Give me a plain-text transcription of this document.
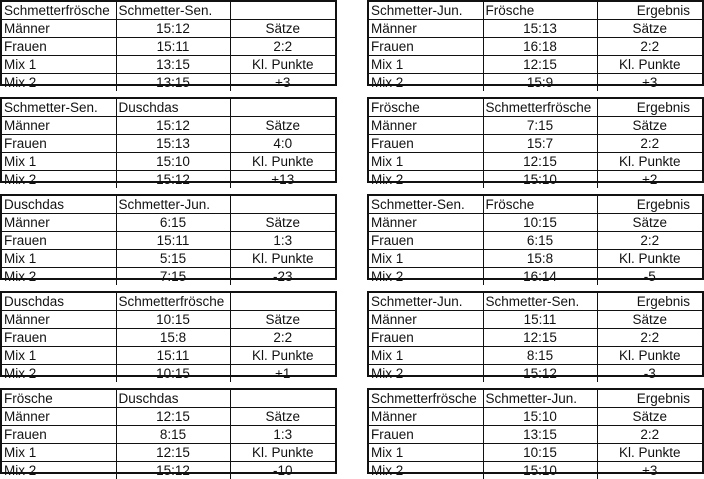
Schmetterfrösche	Schmetter-Sen.	
Männer	15:12	Sätze
Frauen	15:11	2:2
Mix 1	13:15	Kl. Punkte
Mix 2	13:15	+3
Schmetter-Jun.	Frösche	Ergebnis
Männer	15:13	Sätze
Frauen	16:18	2:2
Mix 1	12:15	Kl. Punkte
Mix 2	15:9	+3
Schmetter-Sen.	Duschdas	
Männer	15:12	Sätze
Frauen	15:13	4:0
Mix 1	15:10	Kl. Punkte
Mix 2	15:12	+13
Frösche	Schmetterfrösche	Ergebnis
Männer	7:15	Sätze
Frauen	15:7	2:2
Mix 1	12:15	Kl. Punkte
Mix 2	15:10	+2
Duschdas	Schmetter-Jun.	
Männer	6:15	Sätze
Frauen	15:11	1:3
Mix 1	5:15	Kl. Punkte
Mix 2	7:15	-23
Schmetter-Sen.	Frösche	Ergebnis
Männer	10:15	Sätze
Frauen	6:15	2:2
Mix 1	15:8	Kl. Punkte
Mix 2	16:14	-5
Duschdas	Schmetterfrösche	
Männer	10:15	Sätze
Frauen	15:8	2:2
Mix 1	15:11	Kl. Punkte
Mix 2	10:15	+1
Schmetter-Jun.	Schmetter-Sen.	Ergebnis
Männer	15:11	Sätze
Frauen	12:15	2:2
Mix 1	8:15	Kl. Punkte
Mix 2	15:12	-3
Frösche	Duschdas	
Männer	12:15	Sätze
Frauen	8:15	1:3
Mix 1	12:15	Kl. Punkte
Mix 2	15:12	-10
Schmetterfrösche	Schmetter-Jun.	Ergebnis
Männer	15:10	Sätze
Frauen	13:15	2:2
Mix 1	10:15	Kl. Punkte
Mix 2	15:10	+3
